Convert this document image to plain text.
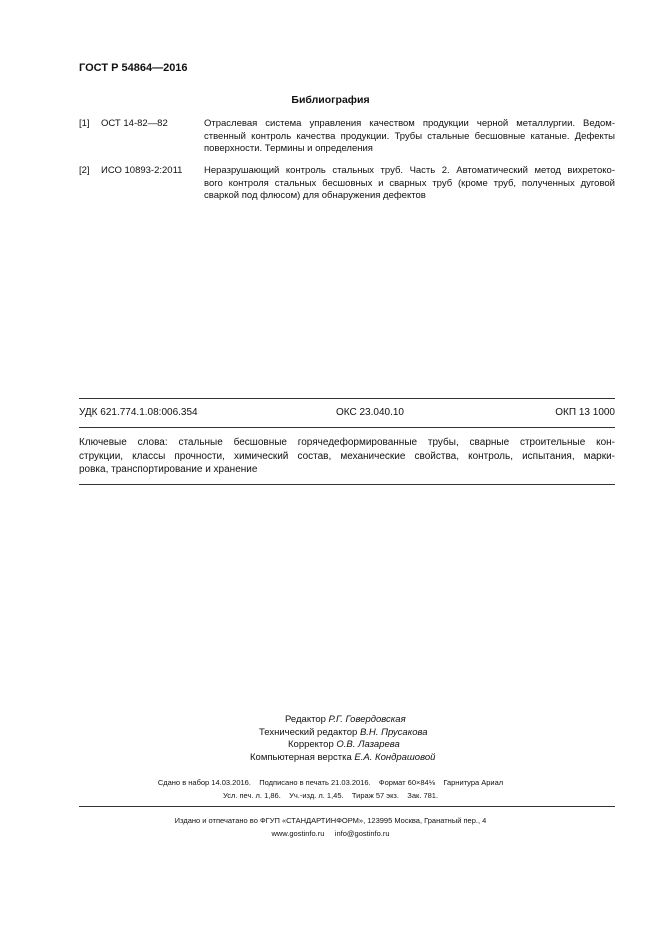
ГОСТ Р 54864—2016
Библиография
[1] ОСТ 14-82—82	Отраслевая система управления качеством продукции черной металлургии. Ведом-
ственный контроль качества продукции. Трубы стальные бесшовные катаные. Дефекты
поверхности. Термины и определения
[2] ИСО 10893-2:2011 Неразрушающий контроль стальных труб. Часть 2. Автоматический метод вихретоко-
вого контроля стальных бесшовных и сварных труб (кроме труб, полученных дуговой
сваркой под флюсом) для обнаружения дефектов
УДК 621.774.1.08:006.354	ОКС 23.040.10	ОКП 13 1000
Ключевые слова: стальные бесшовные горячедеформированные трубы, сварные строительные кон-
струкции, классы прочности, химический состав, механические свойства, контроль, испытания, марки-
ровка, транспортирование и хранение
Редактор Р.Г. Говердовская
Технический редактор В.Н. Прусакова
Корректор О.В. Лазарева
Компьютерная верстка Е.А. Кондрашовой
Сдано в набор 14.03.2016.    Подписано в печать 21.03.2016.    Формат 60×84⅛    Гарнитура Ариал
Усл. печ. л. 1,86.    Уч.-изд. л. 1,45.    Тираж 57 экз.    Зак. 781.
Издано и отпечатано во ФГУП «СТАНДАРТИНФОРМ», 123995 Москва, Гранатный пер., 4
www.gostinfo.ru     info@gostinfo.ru
